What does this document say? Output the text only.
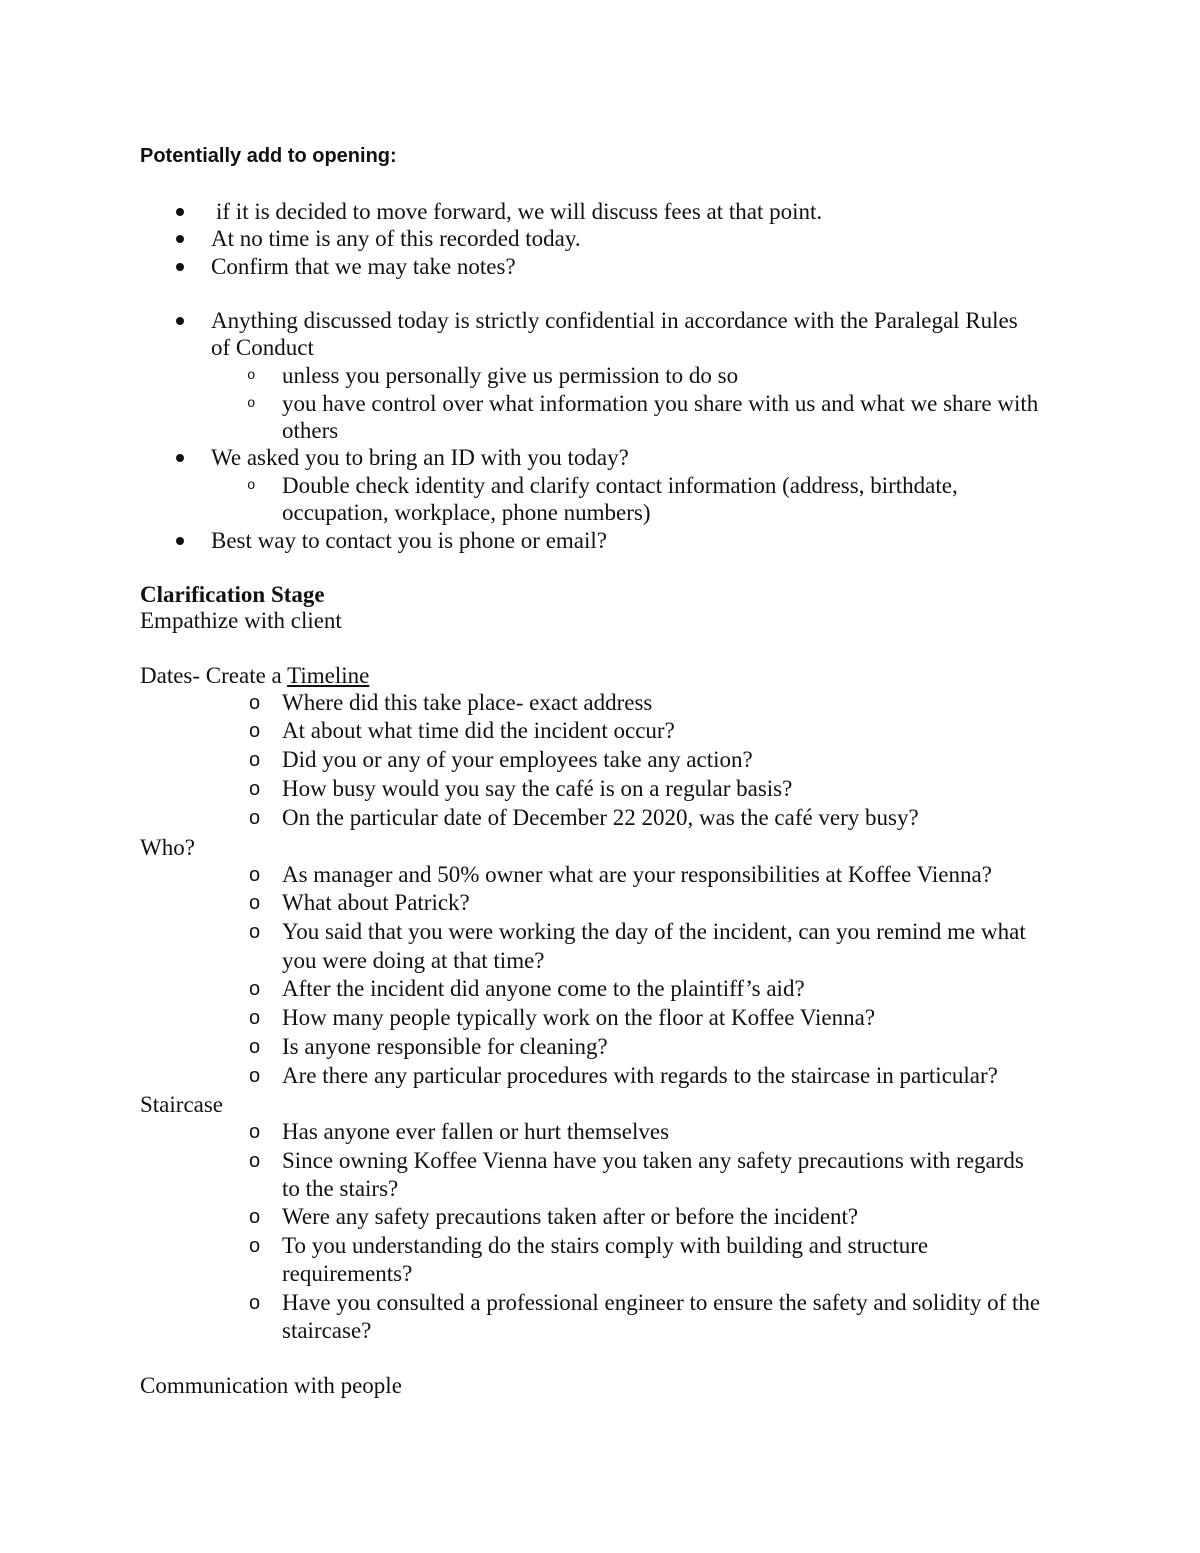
Potentially add to opening:
if it is decided to move forward, we will discuss fees at that point.
At no time is any of this recorded today.
Confirm that we may take notes?
Anything discussed today is strictly confidential in accordance with the Paralegal Rules
of Conduct
o unless you personally give us permission to do so
o you have control over what information you share with us and what we share with
others
We asked you to bring an ID with you today?
o Double check identity and clarify contact information (address, birthdate,
occupation, workplace, phone numbers)
Best way to contact you is phone or email?
Clarification Stage
Empathize with client
Dates- Create a Timeline
o Where did this take place- exact address
o At about what time did the incident occur?
o Did you or any of your employees take any action?
o How busy would you say the café is on a regular basis?
o On the particular date of December 22 2020, was the café very busy?
Who?
o As manager and 50% owner what are your responsibilities at Koffee Vienna?
o What about Patrick?
o You said that you were working the day of the incident, can you remind me what
you were doing at that time?
o After the incident did anyone come to the plaintiff’s aid?
o How many people typically work on the floor at Koffee Vienna?
o Is anyone responsible for cleaning?
o Are there any particular procedures with regards to the staircase in particular?
Staircase
o Has anyone ever fallen or hurt themselves
o Since owning Koffee Vienna have you taken any safety precautions with regards
to the stairs?
o Were any safety precautions taken after or before the incident?
o To you understanding do the stairs comply with building and structure
requirements?
o Have you consulted a professional engineer to ensure the safety and solidity of the
staircase?
Communication with people
